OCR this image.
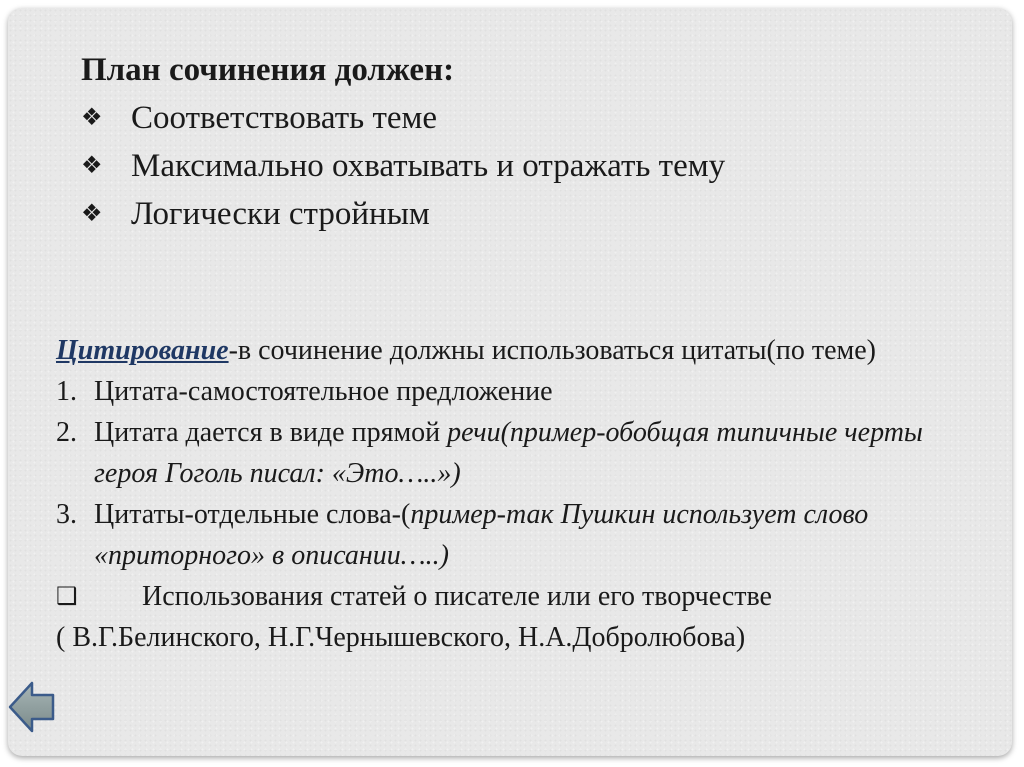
План сочинения должен:
❖ Соответствовать теме
❖ Максимально охватывать и отражать тему
❖ Логически стройным
Цитирование-в сочинение должны использоваться цитаты(по теме)
1. Цитата-самостоятельное предложение
2. Цитата дается в виде прямой речи(пример-обобщая типичные черты героя Гоголь писал: «Это…..»)
3. Цитаты-отдельные слова-(пример-так Пушкин использует слово «приторного» в описании…..)
❑	Использования статей о писателе или его творчестве
( В.Г.Белинского, Н.Г.Чернышевского, Н.А.Добролюбова)
